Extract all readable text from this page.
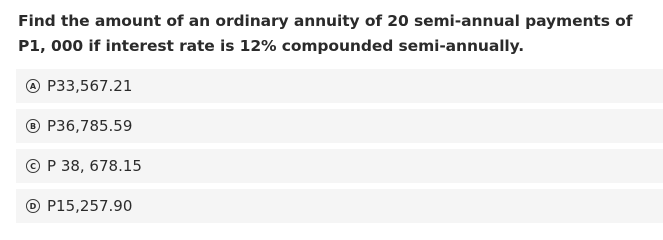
Find the amount of an ordinary annuity of 20 semi-annual payments of P1, 000 if interest rate is 12% compounded semi-annually.
A P33,567.21
B P36,785.59
C P 38, 678.15
D P15,257.90
